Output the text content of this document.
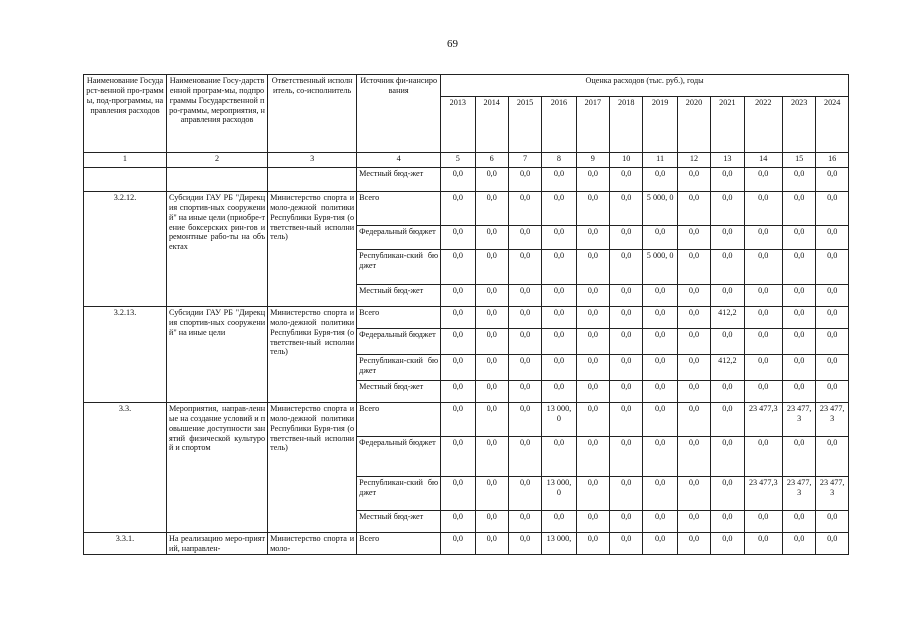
69
Наименование Государст-венной про-граммы, под-программы, направления расходов	Наименование Госу-дарственной програм-мы, подпрограммы Государственной про-граммы, мероприятия, направления расходов	Ответственный исполнитель, со-исполнитель	Источник фи-нансирования	Оценка расходов (тыс. руб.), годы											
				2013	2014	2015	2016	2017	2018	2019	2020	2021	2022	2023	2024
1	2	3	4	5	6	7	8	9	10	11	12	13	14	15	16
			Местный бюд-жет	0,0	0,0	0,0	0,0	0,0	0,0	0,0	0,0	0,0	0,0	0,0	0,0
3.2.12.	Субсидии ГАУ РБ "Дирекция спортив-ных сооружений" на иные цели (приобре-тение боксерских рин-гов и ремонтные рабо-ты на объектах	Министерство спорта и моло-дежной политики Республики Буря-тия (ответствен-ный исполнитель)	Всего	0,0	0,0	0,0	0,0	0,0	0,0	5 000, 0	0,0	0,0	0,0	0,0	0,0
			Федеральный бюджет	0,0	0,0	0,0	0,0	0,0	0,0	0,0	0,0	0,0	0,0	0,0	0,0
			Республикан-ский бюджет	0,0	0,0	0,0	0,0	0,0	0,0	5 000, 0	0,0	0,0	0,0	0,0	0,0
			Местный бюд-жет	0,0	0,0	0,0	0,0	0,0	0,0	0,0	0,0	0,0	0,0	0,0	0,0
3.2.13.	Субсидии ГАУ РБ "Дирекция спортив-ных сооружений" на иные цели	Министерство спорта и моло-дежной политики Республики Буря-тия (ответствен-ный исполнитель)	Всего	0,0	0,0	0,0	0,0	0,0	0,0	0,0	0,0	412,2	0,0	0,0	0,0
			Федеральный бюджет	0,0	0,0	0,0	0,0	0,0	0,0	0,0	0,0	0,0	0,0	0,0	0,0
			Республикан-ский бюджет	0,0	0,0	0,0	0,0	0,0	0,0	0,0	0,0	412,2	0,0	0,0	0,0
			Местный бюд-жет	0,0	0,0	0,0	0,0	0,0	0,0	0,0	0,0	0,0	0,0	0,0	0,0
3.3.	Мероприятия, направ-ленные на создание условий и повышение доступности занятий физической культурой и спортом	Министерство спорта и моло-дежной политики Республики Буря-тия (ответствен-ный исполнитель)	Всего	0,0	0,0	0,0	13 000, 0	0,0	0,0	0,0	0,0	0,0	23 477,3	23 477, 3	23 477, 3
			Федеральный бюджет	0,0	0,0	0,0	0,0	0,0	0,0	0,0	0,0	0,0	0,0	0,0	0,0
			Республикан-ский бюджет	0,0	0,0	0,0	13 000, 0	0,0	0,0	0,0	0,0	0,0	23 477,3	23 477, 3	23 477, 3
			Местный бюд-жет	0,0	0,0	0,0	0,0	0,0	0,0	0,0	0,0	0,0	0,0	0,0	0,0
3.3.1.	На реализацию меро-приятий, направлен-	Министерство спорта и моло-	Всего	0,0	0,0	0,0	13 000,	0,0	0,0	0,0	0,0	0,0	0,0	0,0	0,0
